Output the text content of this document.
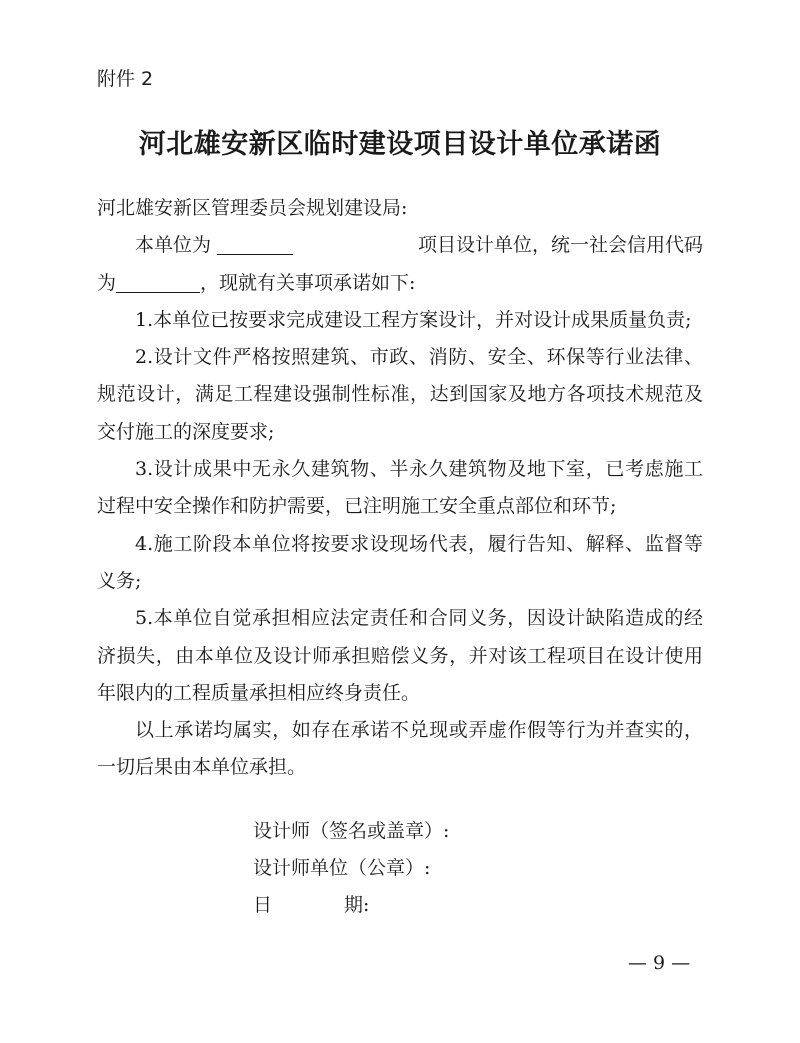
附件 2
河北雄安新区临时建设项目设计单位承诺函

河北雄安新区管理委员会规划建设局:

本单位为	项目设计单位，统一社会信用代码

为	，现就有关事项承诺如下:

1.本单位已按要求完成建设工程方案设计，并对设计成果质量负责;

2.设计文件严格按照建筑、市政、消防、安全、环保等行业法律、规范设计，满足工程建设强制性标准，达到国家及地方各项技术规范及交付施工的深度要求;

3.设计成果中无永久建筑物、半永久建筑物及地下室，已考虑施工过程中安全操作和防护需要，已注明施工安全重点部位和环节;

4.施工阶段本单位将按要求设现场代表，履行告知、解释、监督等义务;

5.本单位自觉承担相应法定责任和合同义务，因设计缺陷造成的经济损失，由本单位及设计师承担赔偿义务，并对该工程项目在设计使用年限内的工程质量承担相应终身责任。

以上承诺均属实，如存在承诺不兑现或弄虚作假等行为并查实的，一切后果由本单位承担。

设计师（签名或盖章）:

设计师单位（公章）:

日	期:

— 9 —
